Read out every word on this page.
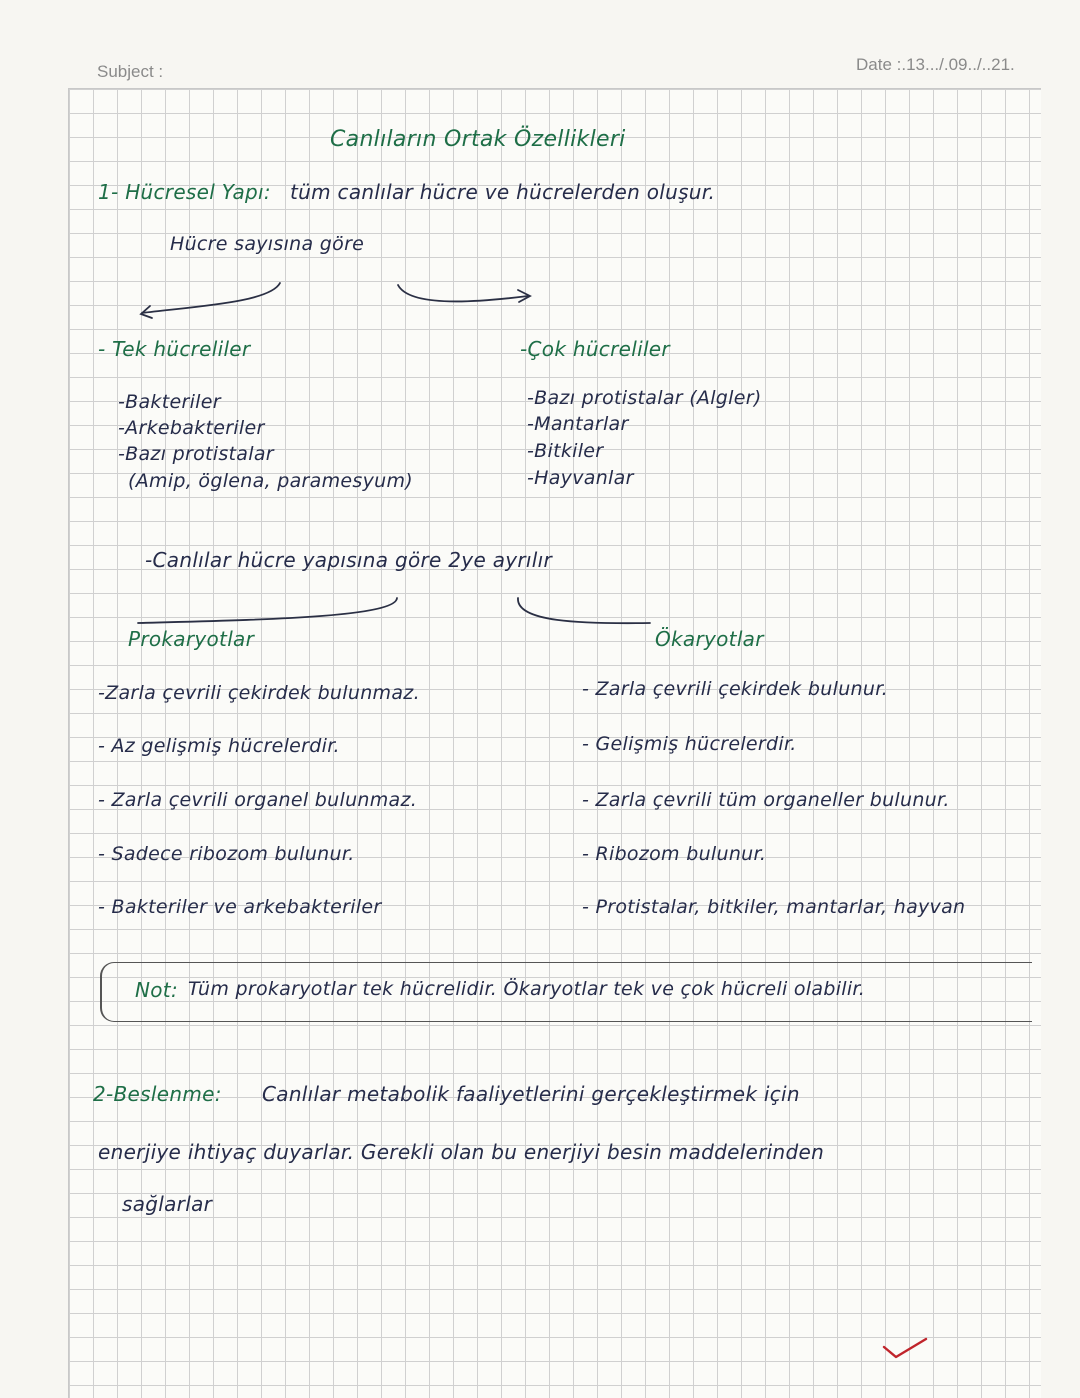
Subject :	Date :.13.../.09../..21.
Canlıların Ortak Özellikleri
1- Hücresel Yapı: tüm canlılar hücre ve hücrelerden oluşur.
Hücre sayısına göre
- Tek hücreliler
-Bakteriler
-Arkebakteriler
-Bazı protistalar
(Amip, öglena, paramesyum)
-Çok hücreliler
-Bazı protistalar (Algler)
-Mantarlar
-Bitkiler
-Hayvanlar
-Canlılar hücre yapısına göre 2ye ayrılır
Prokaryotlar	Ökaryotlar
-Zarla çevrili çekirdek bulunmaz.
- Az gelişmiş hücrelerdir.
- Zarla çevrili organel bulunmaz.
- Sadece ribozom bulunur.
- Bakteriler ve arkebakteriler
- Zarla çevrili çekirdek bulunur.
- Gelişmiş hücrelerdir.
- Zarla çevrili tüm organeller bulunur.
- Ribozom bulunur.
- Protistalar, bitkiler, mantarlar, hayvan
Not: Tüm prokaryotlar tek hücrelidir. Ökaryotlar tek ve çok hücreli olabilir.
2-Beslenme: Canlılar metabolik faaliyetlerini gerçekleştirmek için
enerjiye ihtiyaç duyarlar. Gerekli olan bu enerjiyi besin maddelerinden
sağlarlar
